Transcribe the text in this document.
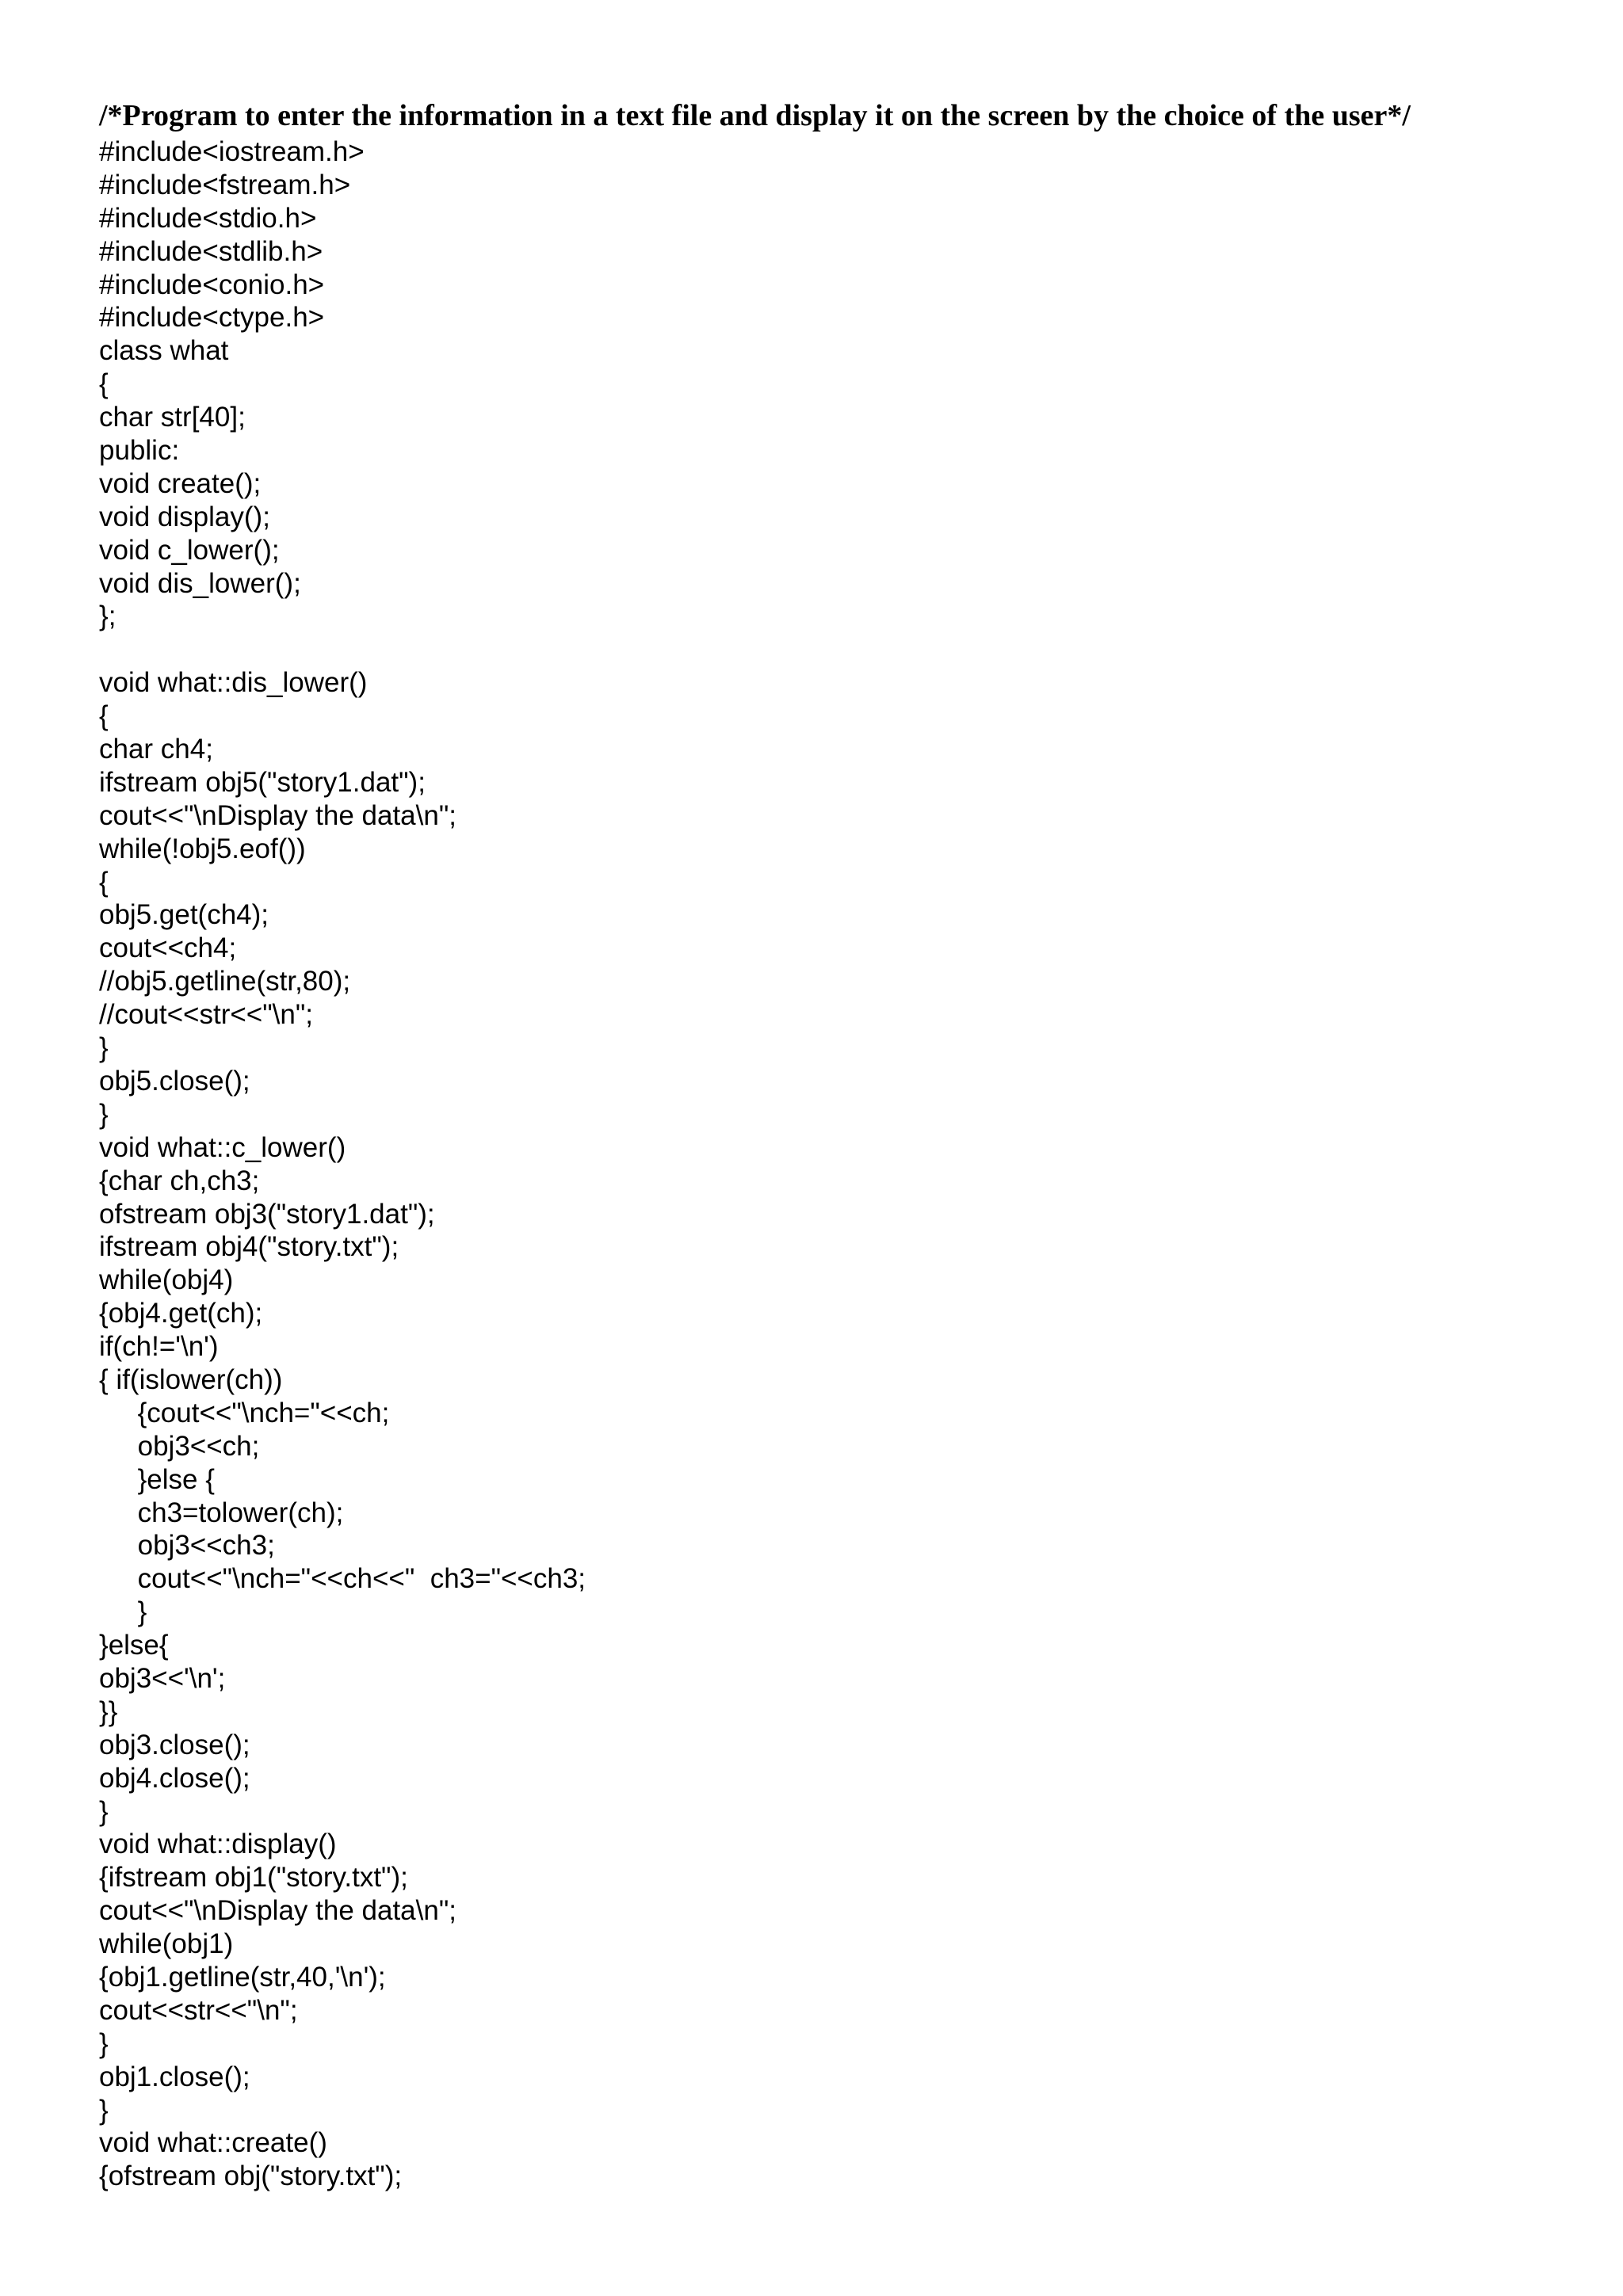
/*Program to enter the information in a text file and display it on the screen by the choice of the user*/
#include<iostream.h>
#include<fstream.h>
#include<stdio.h>
#include<stdlib.h>
#include<conio.h>
#include<ctype.h>
class what
{
char str[40];
public:
void create();
void display();
void c_lower();
void dis_lower();
};
void what::dis_lower()
{
char ch4;
ifstream obj5("story1.dat");
cout<<"\nDisplay the data\n";
while(!obj5.eof())
{
obj5.get(ch4);
cout<<ch4;
//obj5.getline(str,80);
//cout<<str<<"\n";
}
obj5.close();
}
void what::c_lower()
{char ch,ch3;
ofstream obj3("story1.dat");
ifstream obj4("story.txt");
while(obj4)
{obj4.get(ch);
if(ch!='\n')
{ if(islower(ch))
{cout<<"\nch="<<ch;
obj3<<ch;
}else {
ch3=tolower(ch);
obj3<<ch3;
cout<<"\nch="<<ch<<"  ch3="<<ch3;
}
}else{
obj3<<'\n';
}}
obj3.close();
obj4.close();
}
void what::display()
{ifstream obj1("story.txt");
cout<<"\nDisplay the data\n";
while(obj1)
{obj1.getline(str,40,'\n');
cout<<str<<"\n";
}
obj1.close();
}
void what::create()
{ofstream obj("story.txt");
